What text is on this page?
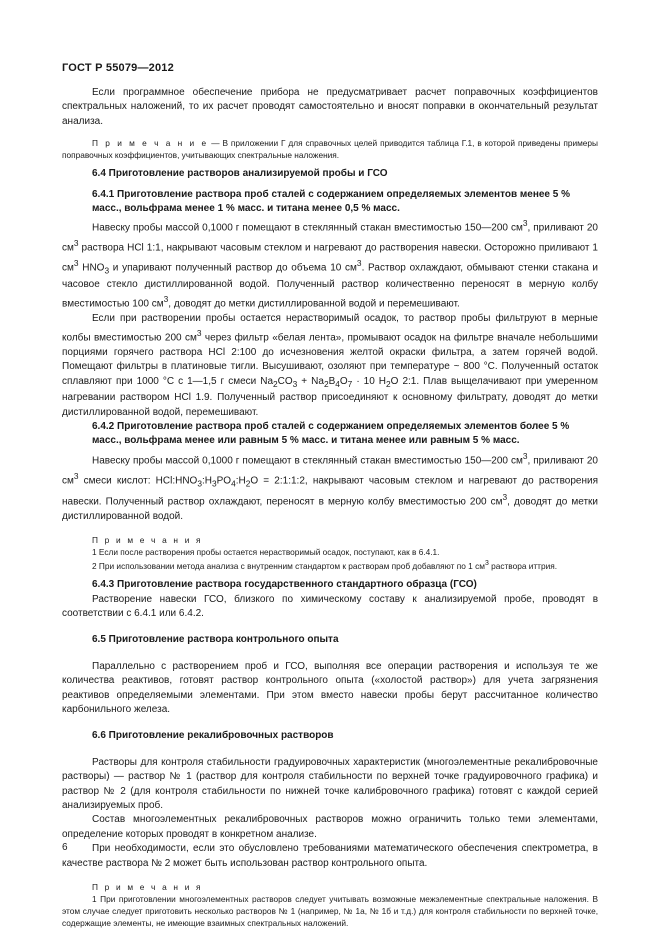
ГОСТ Р 55079—2012

Если программное обеспечение прибора не предусматривает расчет поправочных коэффициентов спектральных наложений, то их расчет проводят самостоятельно и вносят поправки в окончательный результат анализа.

П р и м е ч а н и е — В приложении Г для справочных целей приводится таблица Г.1, в которой приведены примеры поправочных коэффициентов, учитывающих спектральные наложения.

6.4 Приготовление растворов анализируемой пробы и ГСО

6.4.1 Приготовление раствора проб сталей с содержанием определяемых элементов менее 5 % масс., вольфрама менее 1 % масс. и титана менее 0,5 % масс.

Навеску пробы массой 0,1000 г помещают в стеклянный стакан вместимостью 150—200 $см^3$, приливают 20 $см^3$ раствора HCl 1:1, накрывают часовым стеклом и нагревают до растворения навески. Осторожно приливают 1 $см^3$ $HNO_3$ и упаривают полученный раствор до объема 10 $см^3$. Раствор охлаждают, обмывают стенки стакана и часовое стекло дистиллированной водой. Полученный раствор количественно переносят в мерную колбу вместимостью 100 $см^3$, доводят до метки дистиллированной водой и перемешивают.

Если при растворении пробы остается нерастворимый осадок, то раствор пробы фильтруют в мерные колбы вместимостью 200 $см^3$ через фильтр «белая лента», промывают осадок на фильтре вначале небольшими порциями горячего раствора HCl 2:100 до исчезновения желтой окраски фильтра, а затем горячей водой. Помещают фильтры в платиновые тигли. Высушивают, озоляют при температуре ~ 800 °C. Полученный остаток сплавляют при 1000 °C с 1—1,5 г смеси $Na_2CO_3 + Na_2B_4O_7 \cdot 10$ $H_2O$ 2:1. Плав выщелачивают при умеренном нагревании раствором HCl 1.9. Полученный раствор присоединяют к основному фильтрату, доводят до метки дистиллированной водой, перемешивают.

6.4.2 Приготовление раствора проб сталей с содержанием определяемых элементов более 5 % масс., вольфрама менее или равным 5 % масс. и титана менее или равным 5 % масс.

Навеску пробы массой 0,1000 г помещают в стеклянный стакан вместимостью 150—200 $см^3$, приливают 20 $см^3$ смеси кислот: $HCl:HNO_3:H_3PO_4:H_2O$ = 2:1:1:2, накрывают часовым стеклом и нагревают до растворения навески. Полученный раствор охлаждают, переносят в мерную колбу вместимостью 200 $см^3$, доводят до метки дистиллированной водой.

П р и м е ч а н и я

1 Если после растворения пробы остается нерастворимый осадок, поступают, как в 6.4.1.

2 При использовании метода анализа с внутренним стандартом к растворам проб добавляют по 1 $см^3$ раствора иттрия.

6.4.3 Приготовление раствора государственного стандартного образца (ГСО)

Растворение навески ГСО, близкого по химическому составу к анализируемой пробе, проводят в соответствии с 6.4.1 или 6.4.2.

6.5 Приготовление раствора контрольного опыта

Параллельно с растворением проб и ГСО, выполняя все операции растворения и используя те же количества реактивов, готовят раствор контрольного опыта («холостой раствор») для учета загрязнения реактивов определяемыми элементами. При этом вместо навески пробы берут рассчитанное количество карбонильного железа.

6.6 Приготовление рекалибровочных растворов

Растворы для контроля стабильности градуировочных характеристик (многоэлементные рекалибровочные растворы) — раствор № 1 (раствор для контроля стабильности по верхней точке градуировочного графика) и раствор № 2 (для контроля стабильности по нижней точке калибровочного графика) готовят с каждой серией анализируемых проб.

Состав многоэлементных рекалибровочных растворов можно ограничить только теми элементами, определение которых проводят в конкретном анализе.

При необходимости, если это обусловлено требованиями математического обеспечения спектрометра, в качестве раствора № 2 может быть использован раствор контрольного опыта.

П р и м е ч а н и я

1 При приготовлении многоэлементных растворов следует учитывать возможные межэлементные спектральные наложения. В этом случае следует приготовить несколько растворов № 1 (например, № 1а, № 1б и т.д.) для контроля стабильности по верхней точке, содержащие элементы, не имеющие взаимных спектральных наложений.

6
